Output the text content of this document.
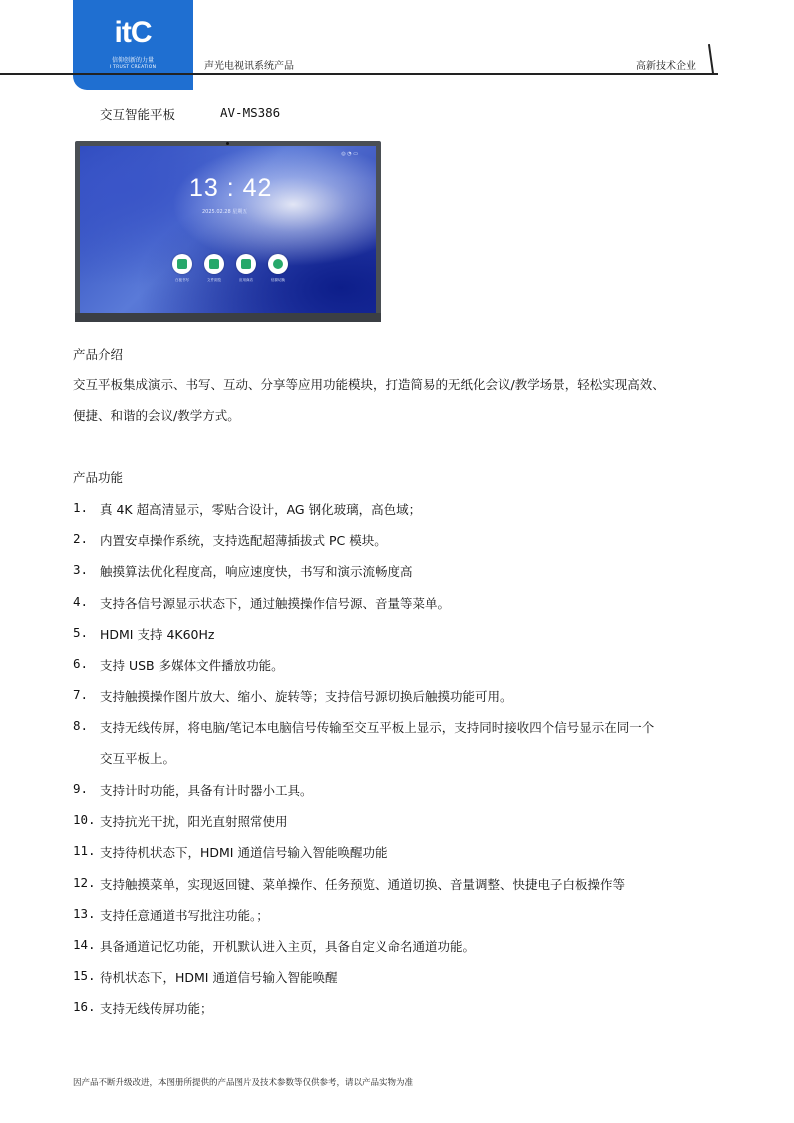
itC
信仰创新的力量
I TRUST CREATION	声光电视讯系统产品	高新技术企业
交互智能平板	AV-MS386
◎ ◔ ▭
13 : 42
2025.02.28 星期五
白板书写	文件浏览	应用商店	信源切换
产品介绍
交互平板集成演示、书写、互动、分享等应用功能模块，打造简易的无纸化会议/教学场景，轻松实现高效、
便捷、和谐的会议/教学方式。
产品功能
1. 真 4K 超高清显示，零贴合设计，AG 钢化玻璃，高色域；
2. 内置安卓操作系统，支持选配超薄插拔式 PC 模块。
3. 触摸算法优化程度高，响应速度快，书写和演示流畅度高
4. 支持各信号源显示状态下，通过触摸操作信号源、音量等菜单。
5. HDMI 支持 4K60Hz
6. 支持 USB 多媒体文件播放功能。
7. 支持触摸操作图片放大、缩小、旋转等；支持信号源切换后触摸功能可用。
8. 支持无线传屏，将电脑/笔记本电脑信号传输至交互平板上显示，支持同时接收四个信号显示在同一个
交互平板上。
9. 支持计时功能，具备有计时器小工具。
10. 支持抗光干扰，阳光直射照常使用
11. 支持待机状态下，HDMI 通道信号输入智能唤醒功能
12. 支持触摸菜单，实现返回键、菜单操作、任务预览、通道切换、音量调整、快捷电子白板操作等
13. 支持任意通道书写批注功能。；
14. 具备通道记忆功能，开机默认进入主页，具备自定义命名通道功能。
15. 待机状态下，HDMI 通道信号输入智能唤醒
16. 支持无线传屏功能；
因产品不断升级改进，本图册所提供的产品图片及技术参数等仅供参考，请以产品实物为准
